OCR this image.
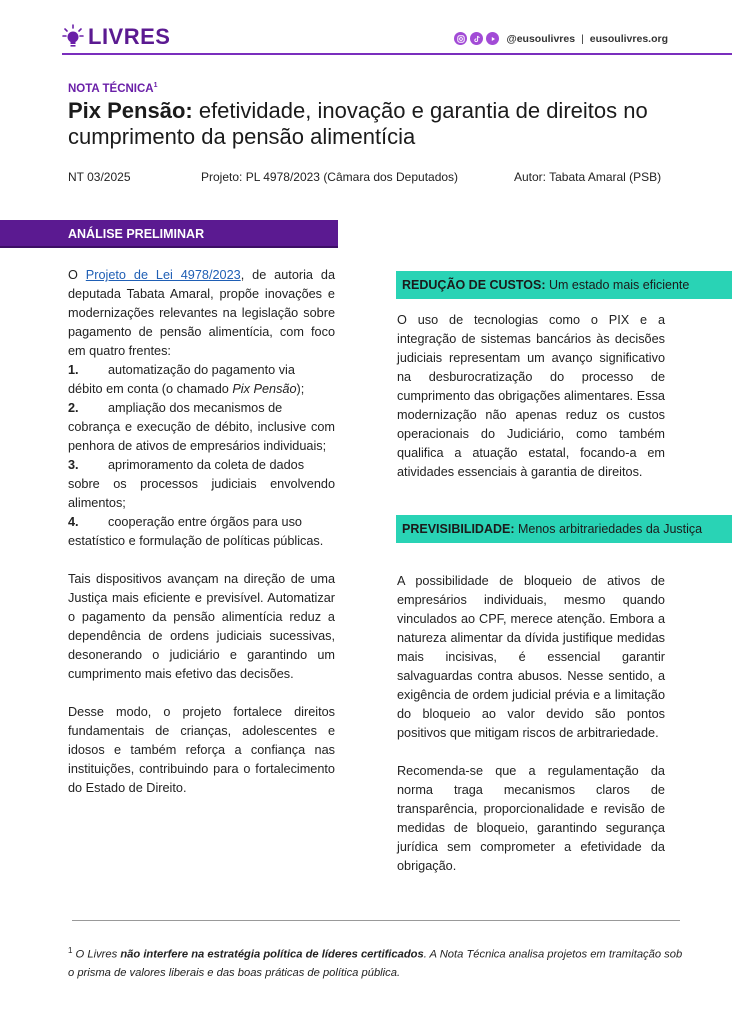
LIVRES	@eusoulivres | eusoulivres.org
NOTA TÉCNICA$^1$
Pix Pensão: efetividade, inovação e garantia de direitos no cumprimento da pensão alimentícia
NT 03/2025	Projeto: PL 4978/2023 (Câmara dos Deputados)	Autor: Tabata Amaral (PSB)
ANÁLISE PRELIMINAR

O Projeto de Lei 4978/2023, de autoria da deputada Tabata Amaral, propõe inovações e modernizações relevantes na legislação sobre pagamento de pensão alimentícia, com foco em quatro frentes:

1.	automatização do pagamento via

débito em conta (o chamado Pix Pensão);

2.	ampliação dos mecanismos de

cobrança e execução de débito, inclusive com penhora de ativos de empresários individuais;

3.	aprimoramento da coleta de dados

sobre os processos judiciais envolvendo alimentos;

4.	cooperação entre órgãos para uso

estatístico e formulação de políticas públicas.

Tais dispositivos avançam na direção de uma Justiça mais eficiente e previsível. Automatizar o pagamento da pensão alimentícia reduz a dependência de ordens judiciais sucessivas, desonerando o judiciário e garantindo um cumprimento mais efetivo das decisões.

Desse modo, o projeto fortalece direitos fundamentais de crianças, adolescentes e idosos e também reforça a confiança nas instituições, contribuindo para o fortalecimento do Estado de Direito.

REDUÇÃO DE CUSTOS: Um estado mais eficiente

O uso de tecnologias como o PIX e a integração de sistemas bancários às decisões judiciais representam um avanço significativo na desburocratização do processo de cumprimento das obrigações alimentares. Essa modernização não apenas reduz os custos operacionais do Judiciário, como também qualifica a atuação estatal, focando-a em atividades essenciais à garantia de direitos.

PREVISIBILIDADE: Menos arbitrariedades da Justiça

A possibilidade de bloqueio de ativos de empresários individuais, mesmo quando vinculados ao CPF, merece atenção. Embora a natureza alimentar da dívida justifique medidas mais incisivas, é essencial garantir salvaguardas contra abusos. Nesse sentido, a exigência de ordem judicial prévia e a limitação do bloqueio ao valor devido são pontos positivos que mitigam riscos de arbitrariedade.

Recomenda-se que a regulamentação da norma traga mecanismos claros de transparência, proporcionalidade e revisão de medidas de bloqueio, garantindo segurança jurídica sem comprometer a efetividade da obrigação.

$^1$ O Livres não interfere na estratégia política de líderes certificados. A Nota Técnica analisa projetos em tramitação sob o prisma de valores liberais e das boas práticas de política pública.
